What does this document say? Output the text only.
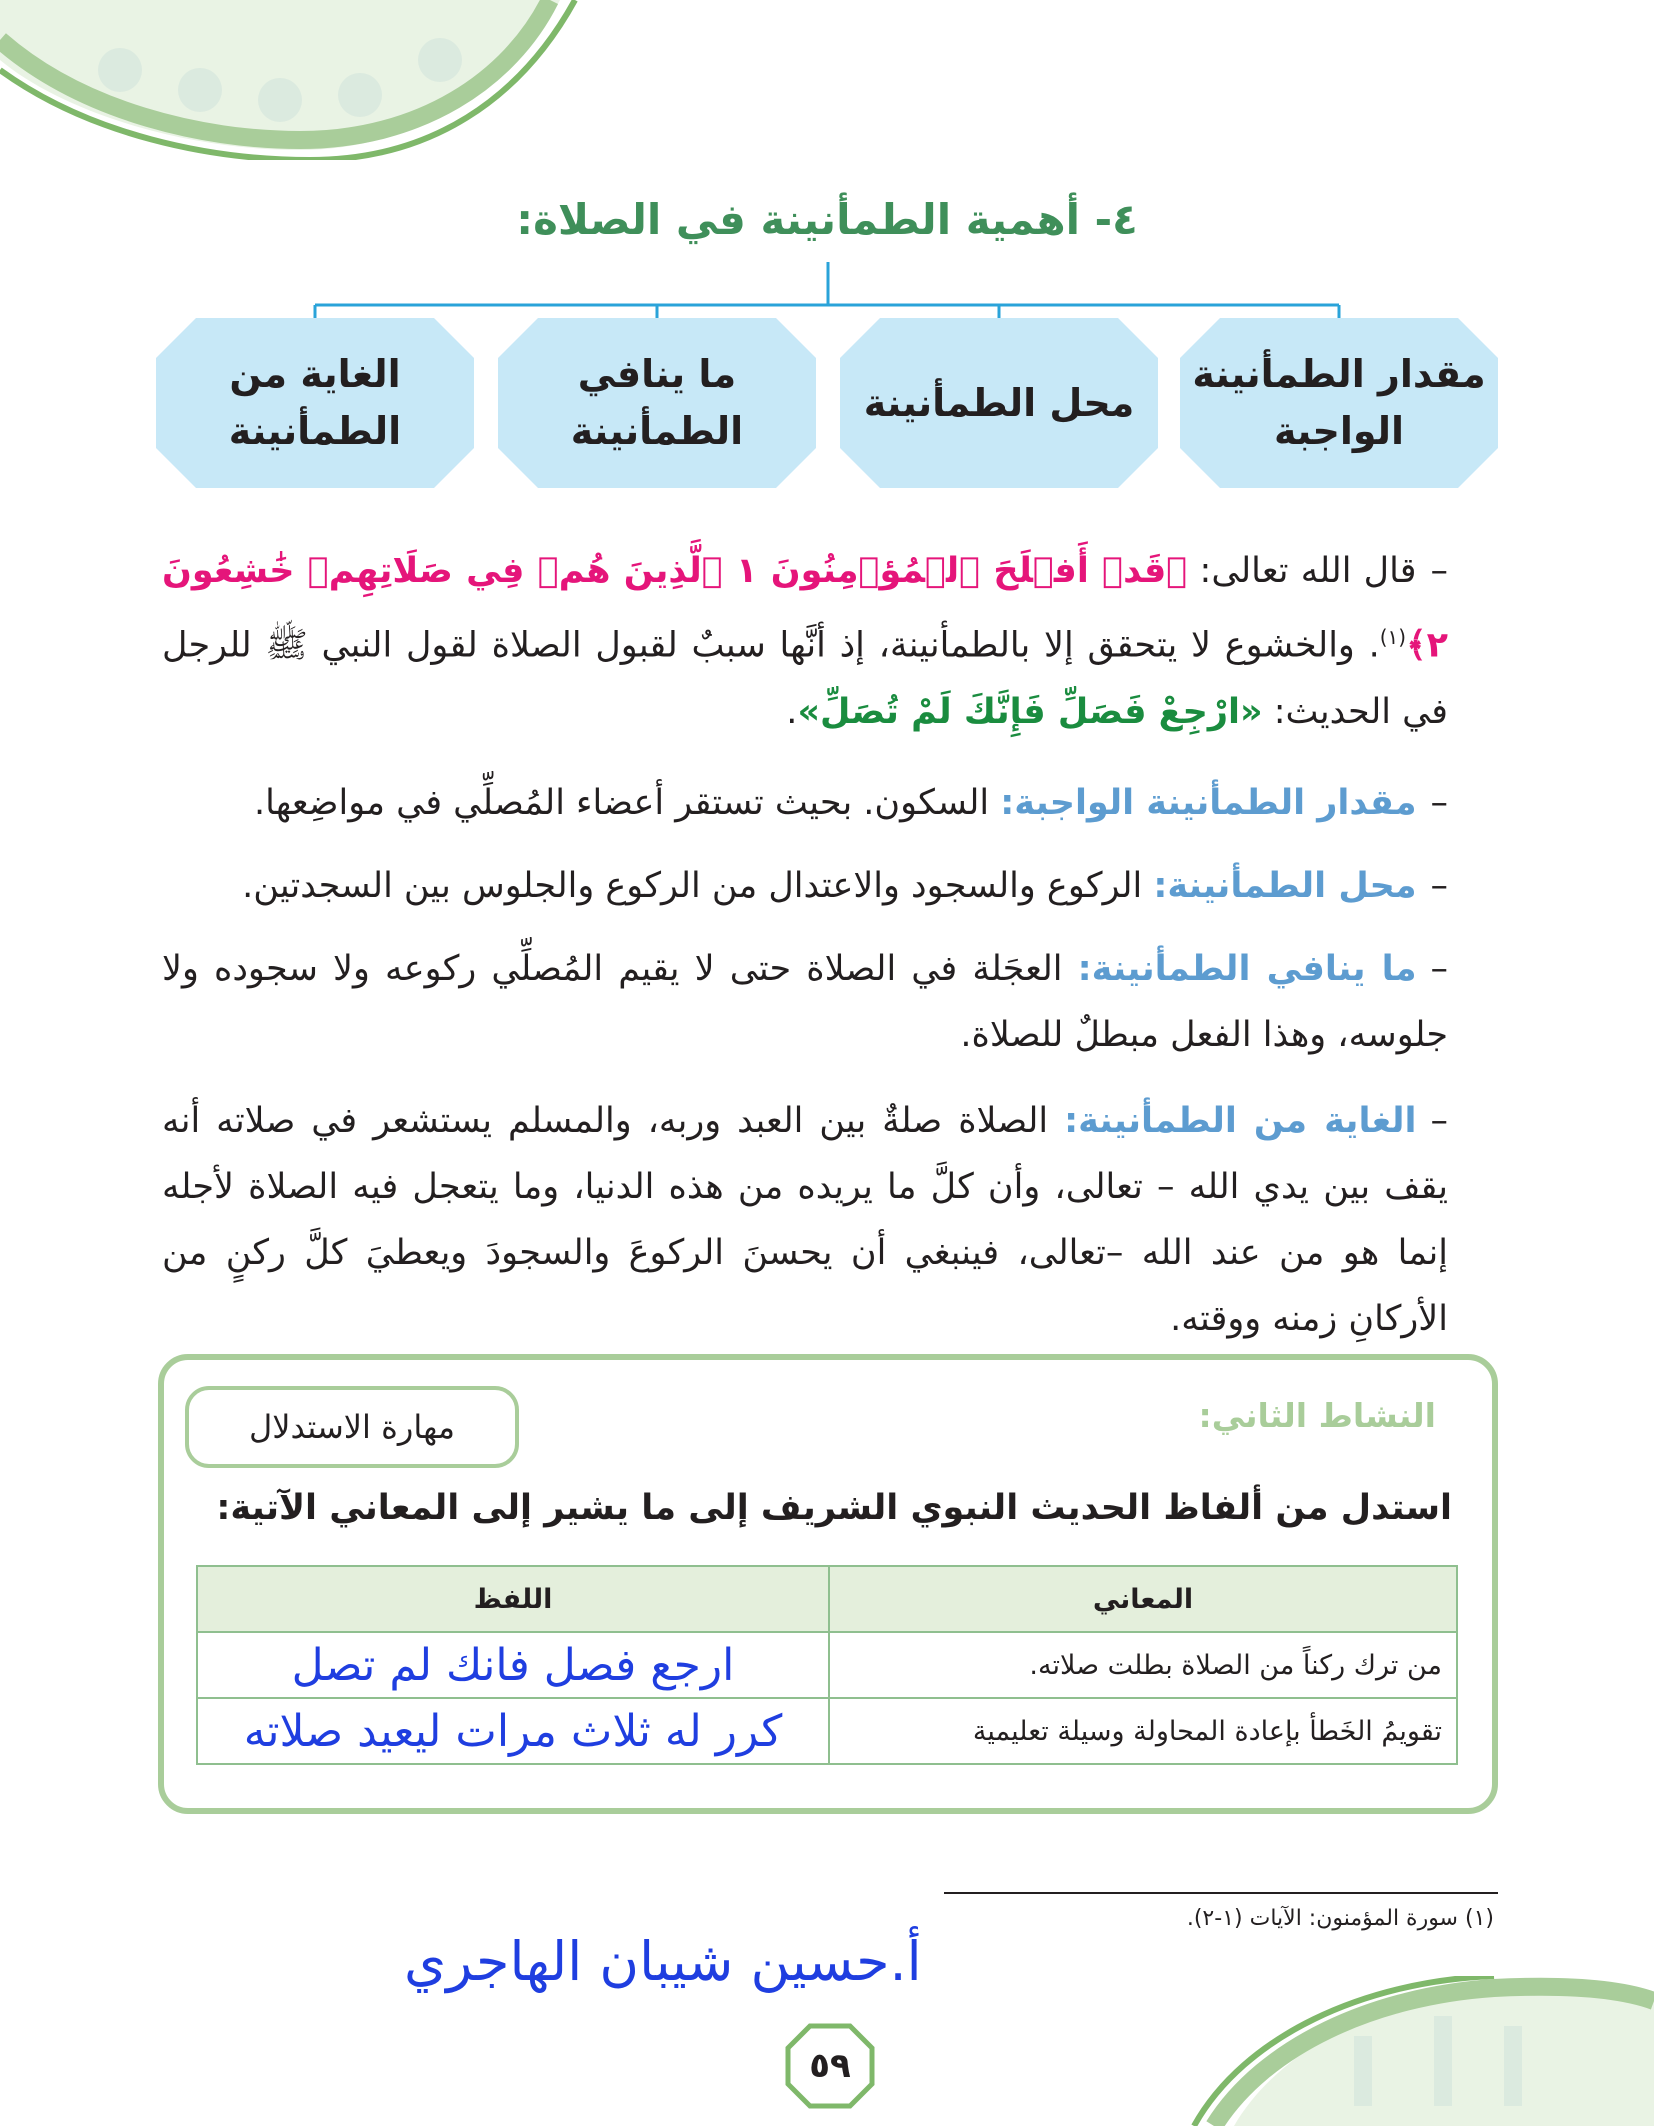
٤- أهمية الطمأنينة في الصلاة:
مقدار الطمأنينة
الواجبة
محل الطمأنينة
ما ينافي الطمأنينة
الغاية من الطمأنينة
–قال الله تعالى: ﴿قَدۡ أَفۡلَحَ ٱلۡمُؤۡمِنُونَ ١ ٱلَّذِينَ هُمۡ فِي صَلَاتِهِمۡ خَٰشِعُونَ ٢﴾$^{(١)}$. والخشوع لا يتحقق إلا بالطمأنينة، إذ أنَّها سببٌ لقبول الصلاة لقول النبي ﷺ للرجل في الحديث: «ارْجِعْ فَصَلِّ فَإِنَّكَ لَمْ تُصَلِّ».
–مقدار الطمأنينة الواجبة: السكون. بحيث تستقر أعضاء المُصلِّي في مواضِعها.
–محل الطمأنينة: الركوع والسجود والاعتدال من الركوع والجلوس بين السجدتين.
–ما ينافي الطمأنينة: العجَلة في الصلاة حتى لا يقيم المُصلِّي ركوعه ولا سجوده ولا جلوسه، وهذا الفعل مبطلٌ للصلاة.
–الغاية من الطمأنينة: الصلاة صلةٌ بين العبد وربه، والمسلم يستشعر في صلاته أنه يقف بين يدي الله – تعالى، وأن كلَّ ما يريده من هذه الدنيا، وما يتعجل فيه الصلاة لأجله إنما هو من عند الله –تعالى، فينبغي أن يحسنَ الركوعَ والسجودَ ويعطيَ كلَّ ركنٍ من الأركانِ زمنه ووقته.
النشاط الثاني:
مهارة الاستدلال
استدل من ألفاظ الحديث النبوي الشريف إلى ما يشير إلى المعاني الآتية:
المعاني	اللفظ
من ترك ركناً من الصلاة بطلت صلاته.	ارجع فصل فانك لم تصل
تقويمُ الخَطأ بإعادة المحاولة وسيلة تعليمية	كرر له ثلاث مرات ليعيد صلاته
(١) سورة المؤمنون: الآيات (١-٢).
أ.حسين شيبان الهاجري
٥٩
